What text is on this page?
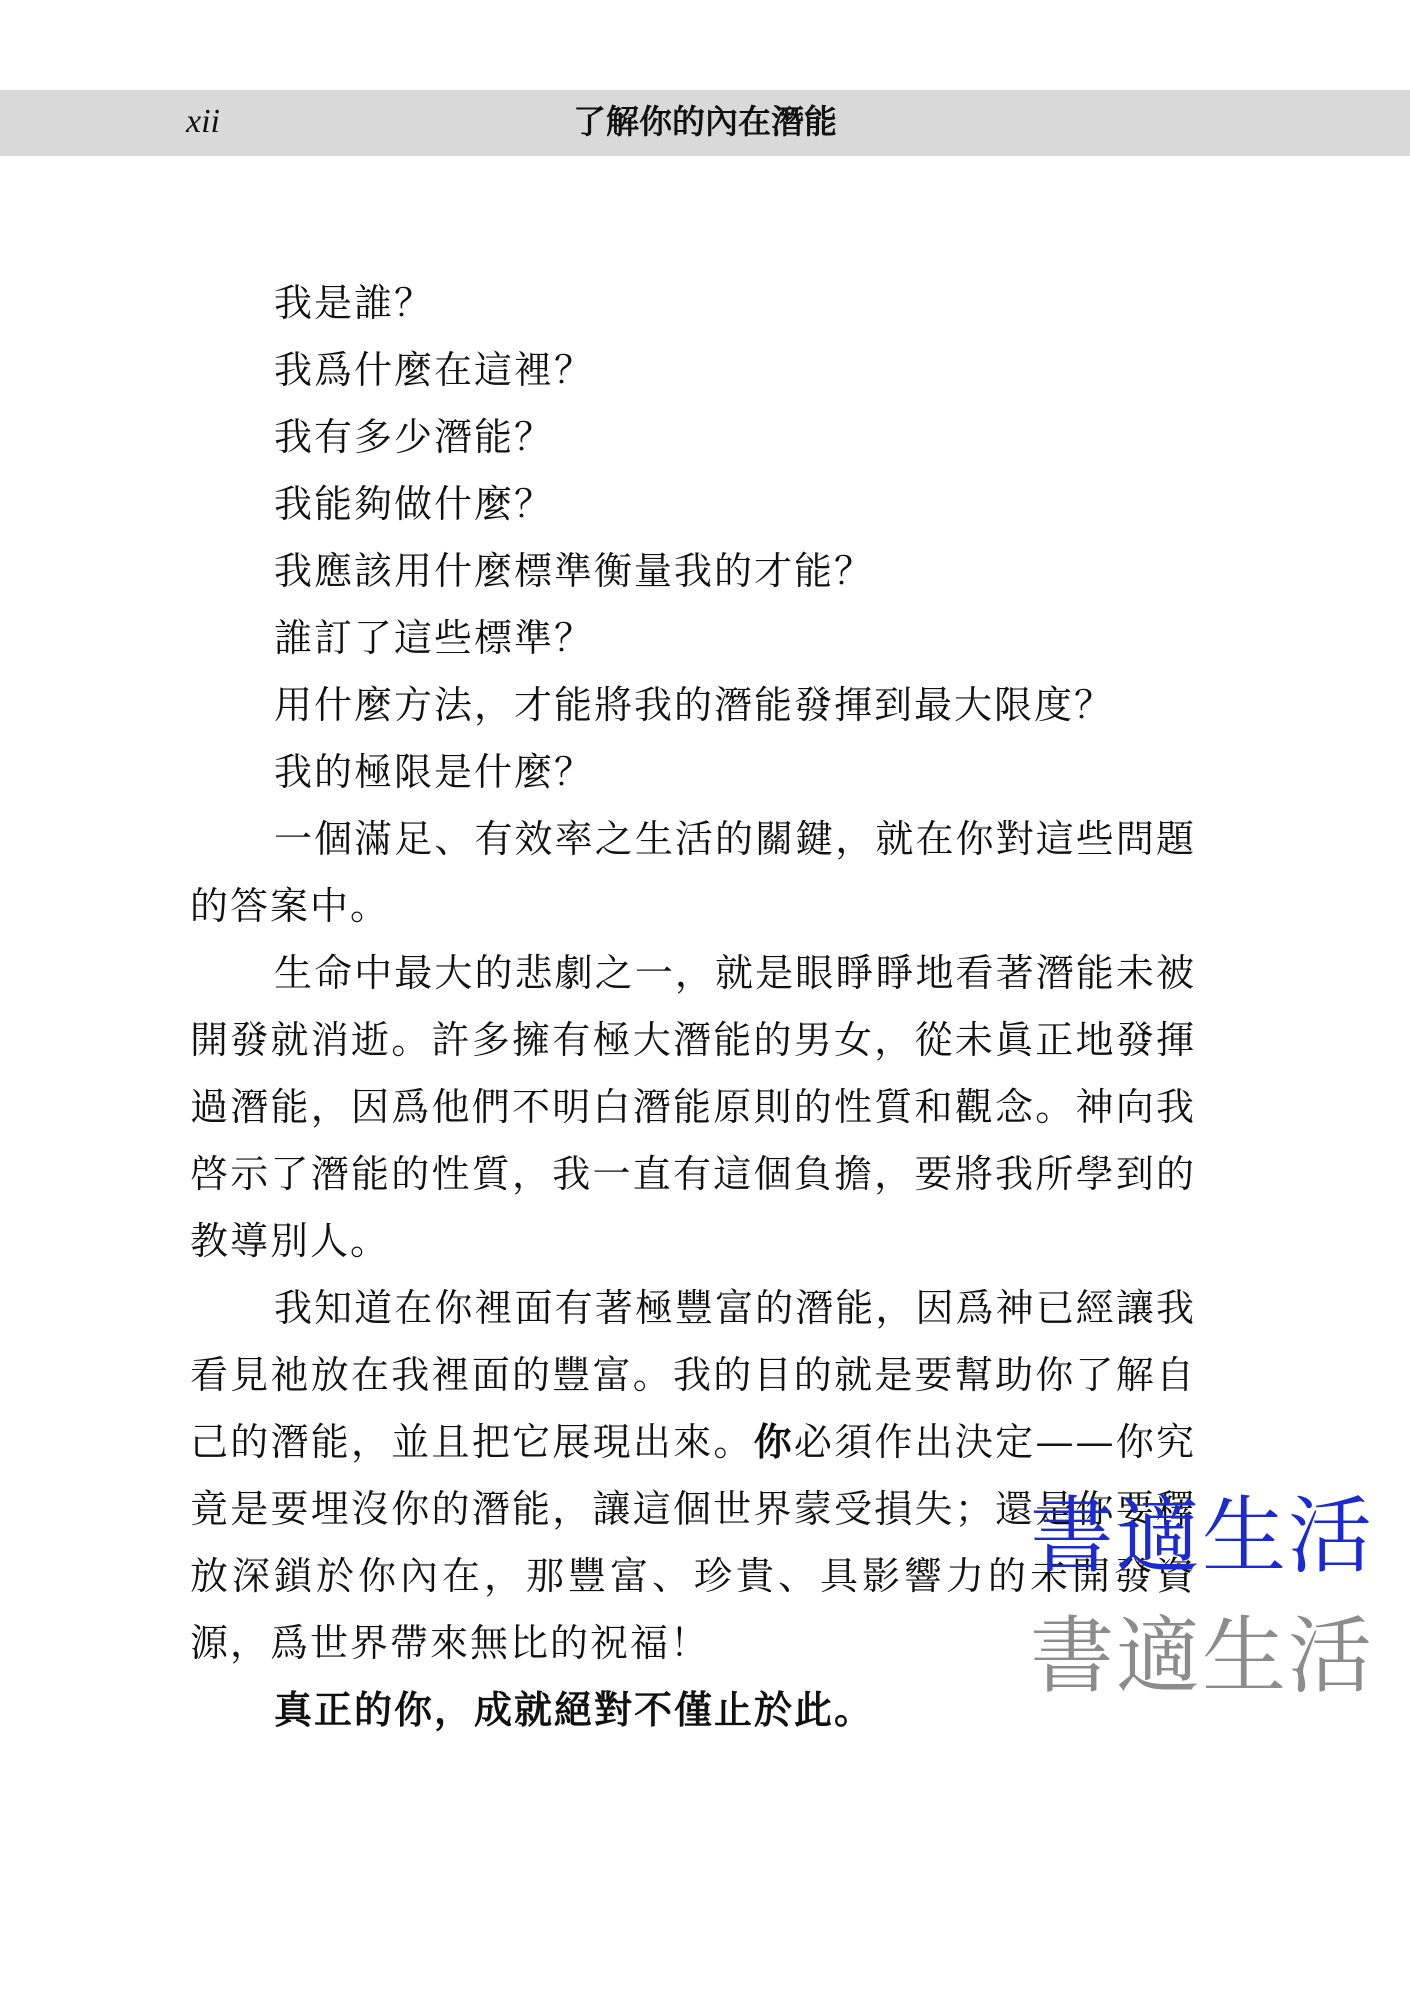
xii	了解你的內在潛能

我是誰？

我爲什麼在這裡？

我有多少潛能？

我能夠做什麼？

我應該用什麼標準衡量我的才能？

誰訂了這些標準？

用什麼方法，才能將我的潛能發揮到最大限度？

我的極限是什麼？

一個滿足、有效率之生活的關鍵，就在你對這些問題的答案中。

生命中最大的悲劇之一，就是眼睜睜地看著潛能未被開發就消逝。許多擁有極大潛能的男女，從未眞正地發揮過潛能，因爲他們不明白潛能原則的性質和觀念。神向我啓示了潛能的性質，我一直有這個負擔，要將我所學到的教導別人。

我知道在你裡面有著極豐富的潛能，因爲神已經讓我看見祂放在我裡面的豐富。我的目的就是要幫助你了解自己的潛能，並且把它展現出來。你必須作出決定——你究竟是要埋沒你的潛能，讓這個世界蒙受損失；還是你要釋放深鎖於你內在，那豐富、珍貴、具影響力的未開發資源，爲世界帶來無比的祝福！

真正的你，成就絕對不僅止於此。

書適生活
書適生活
